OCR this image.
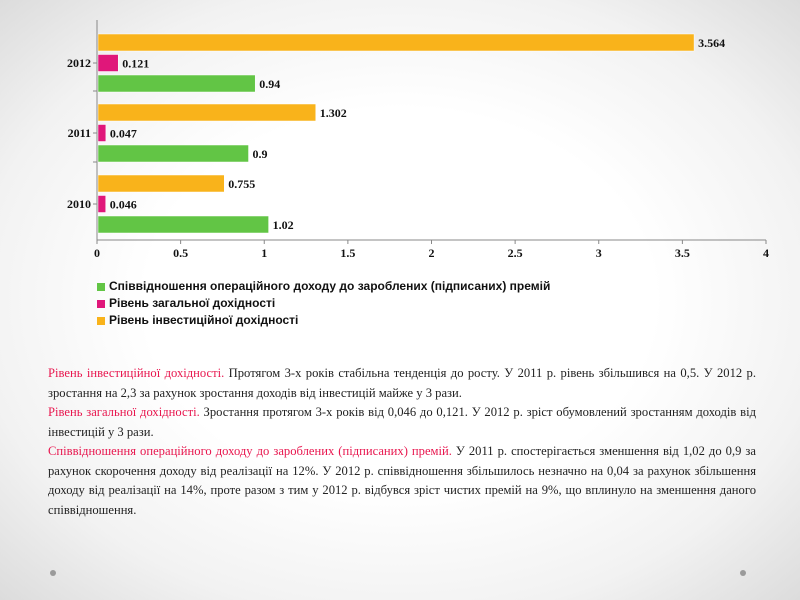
0	0.5	1	1.5	2	2.5	3	3.5	4
3.564
0.121
0.94
2012
1.302
0.047
0.9
2011
0.755
0.046
1.02
2010
Співвідношення операційного доходу до зароблених (підписаних) премій
Рівень загальної дохідності
Рівень інвестиційної дохідності

Рівень інвестиційної дохідності. Протягом 3-х років стабільна тенденція до росту. У 2011 р. рівень збільшився на 0,5. У 2012 р. зростання на 2,3 за рахунок зростання доходів від інвестицій майже у 3 рази.

Рівень загальної дохідності. Зростання протягом 3-х років від 0,046 до 0,121. У 2012 р. зріст обумовлений зростанням доходів від інвестицій у 3 рази.

Співвідношення операційного доходу до зароблених (підписаних) премій. У 2011 р. спостерігається зменшення від 1,02 до 0,9 за рахунок скорочення доходу від реалізації на 12%. У 2012 р. співвідношення збільшилось незначно на 0,04 за рахунок збільшення доходу від реалізації на 14%, проте разом з тим у 2012 р. відбувся зріст чистих премій на 9%, що вплинуло на зменшення даного співвідношення.
